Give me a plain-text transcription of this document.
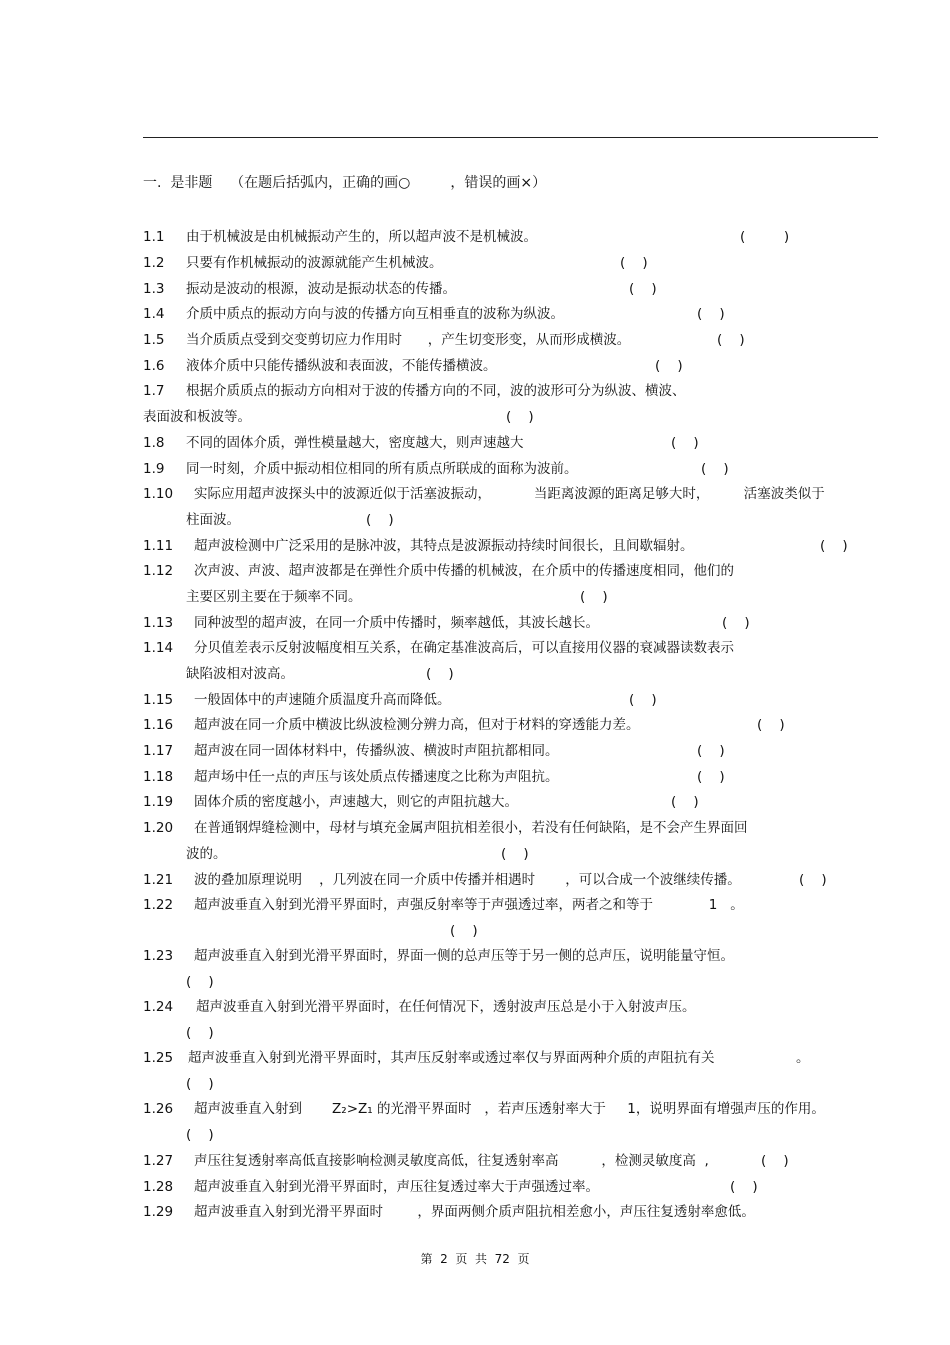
一.  是非题    （在题后括弧内，正确的画○         ，错误的画×）
1.1 由于机械波是由机械振动产生的，所以超声波不是机械波。	(         )
1.2 只要有作机械振动的波源就能产生机械波。	(    )
1.3 振动是波动的根源，波动是振动状态的传播。	(    )
1.4 介质中质点的振动方向与波的传播方向互相垂直的波称为纵波。	(    )
1.5 当介质质点受到交变剪切应力作用时      ，产生切变形变，从而形成横波。	(    )
1.6 液体介质中只能传播纵波和表面波，不能传播横波。	(    )
1.7 根据介质质点的振动方向相对于波的传播方向的不同，波的波形可分为纵波、横波、
表面波和板波等。	(    )
1.8 不同的固体介质，弹性模量越大，密度越大，则声速越大	(    )
1.9 同一时刻，介质中振动相位相同的所有质点所联成的面称为波前。	(    )
1.10 实际应用超声波探头中的波源近似于活塞波振动，          当距离波源的距离足够大时，        活塞波类似于
柱面波。	(    )
1.11 超声波检测中广泛采用的是脉冲波，其特点是波源振动持续时间很长，且间歇辐射。	(    )
1.12 次声波、声波、超声波都是在弹性介质中传播的机械波，在介质中的传播速度相同，他们的
主要区别主要在于频率不同。	(    )
1.13 同种波型的超声波，在同一介质中传播时，频率越低，其波长越长。	(    )
1.14 分贝值差表示反射波幅度相互关系，在确定基准波高后，可以直接用仪器的衰减器读数表示
缺陷波相对波高。	(    )
1.15 一般固体中的声速随介质温度升高而降低。	(    )
1.16 超声波在同一介质中横波比纵波检测分辨力高，但对于材料的穿透能力差。	(    )
1.17 超声波在同一固体材料中，传播纵波、横波时声阻抗都相同。	(    )
1.18 超声场中任一点的声压与该处质点传播速度之比称为声阻抗。	(    )
1.19 固体介质的密度越小，声速越大，则它的声阻抗越大。	(    )
1.20 在普通钢焊缝检测中，母材与填充金属声阻抗相差很小，若没有任何缺陷，是不会产生界面回
波的。	(    )
1.21 波的叠加原理说明    ，几列波在同一介质中传播并相遇时       ，可以合成一个波继续传播。	(    )
1.22 超声波垂直入射到光滑平界面时，声强反射率等于声强透过率，两者之和等于             1   。
(    )
1.23 超声波垂直入射到光滑平界面时，界面一侧的总声压等于另一侧的总声压，说明能量守恒。
(    )
1.24 超声波垂直入射到光滑平界面时，在任何情况下，透射波声压总是小于入射波声压。
(    )
1.25 超声波垂直入射到光滑平界面时，其声压反射率或透过率仅与界面两种介质的声阻抗有关                   。
(    )
1.26 超声波垂直入射到       Z₂>Z₁ 的光滑平界面时   ，若声压透射率大于     1，说明界面有增强声压的作用。
(    )
1.27 声压往复透射率高低直接影响检测灵敏度高低，往复透射率高          ，检测灵敏度高  ,	(    )
1.28 超声波垂直入射到光滑平界面时，声压往复透过率大于声强透过率。	(    )
1.29 超声波垂直入射到光滑平界面时        ，界面两侧介质声阻抗相差愈小，声压往复透射率愈低。
第  2  页  共  72  页
